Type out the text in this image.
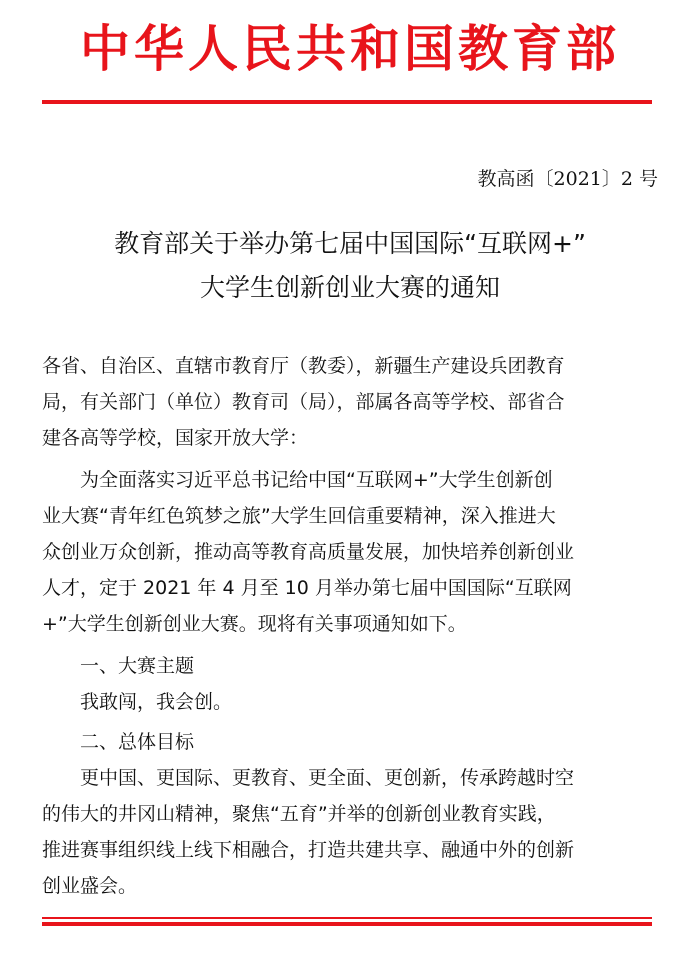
中华人民共和国教育部
教高函〔2021〕2 号
教育部关于举办第七届中国国际“互联网+”
大学生创新创业大赛的通知
各省、自治区、直辖市教育厅（教委），新疆生产建设兵团教育
局，有关部门（单位）教育司（局），部属各高等学校、部省合
建各高等学校，国家开放大学：
为全面落实习近平总书记给中国“互联网+”大学生创新创
业大赛“青年红色筑梦之旅”大学生回信重要精神，深入推进大
众创业万众创新，推动高等教育高质量发展，加快培养创新创业
人才，定于 2021 年 4 月至 10 月举办第七届中国国际“互联网
+”大学生创新创业大赛。现将有关事项通知如下。
一、大赛主题
我敢闯，我会创。
二、总体目标
更中国、更国际、更教育、更全面、更创新，传承跨越时空
的伟大的井冈山精神，聚焦“五育”并举的创新创业教育实践，
推进赛事组织线上线下相融合，打造共建共享、融通中外的创新
创业盛会。
